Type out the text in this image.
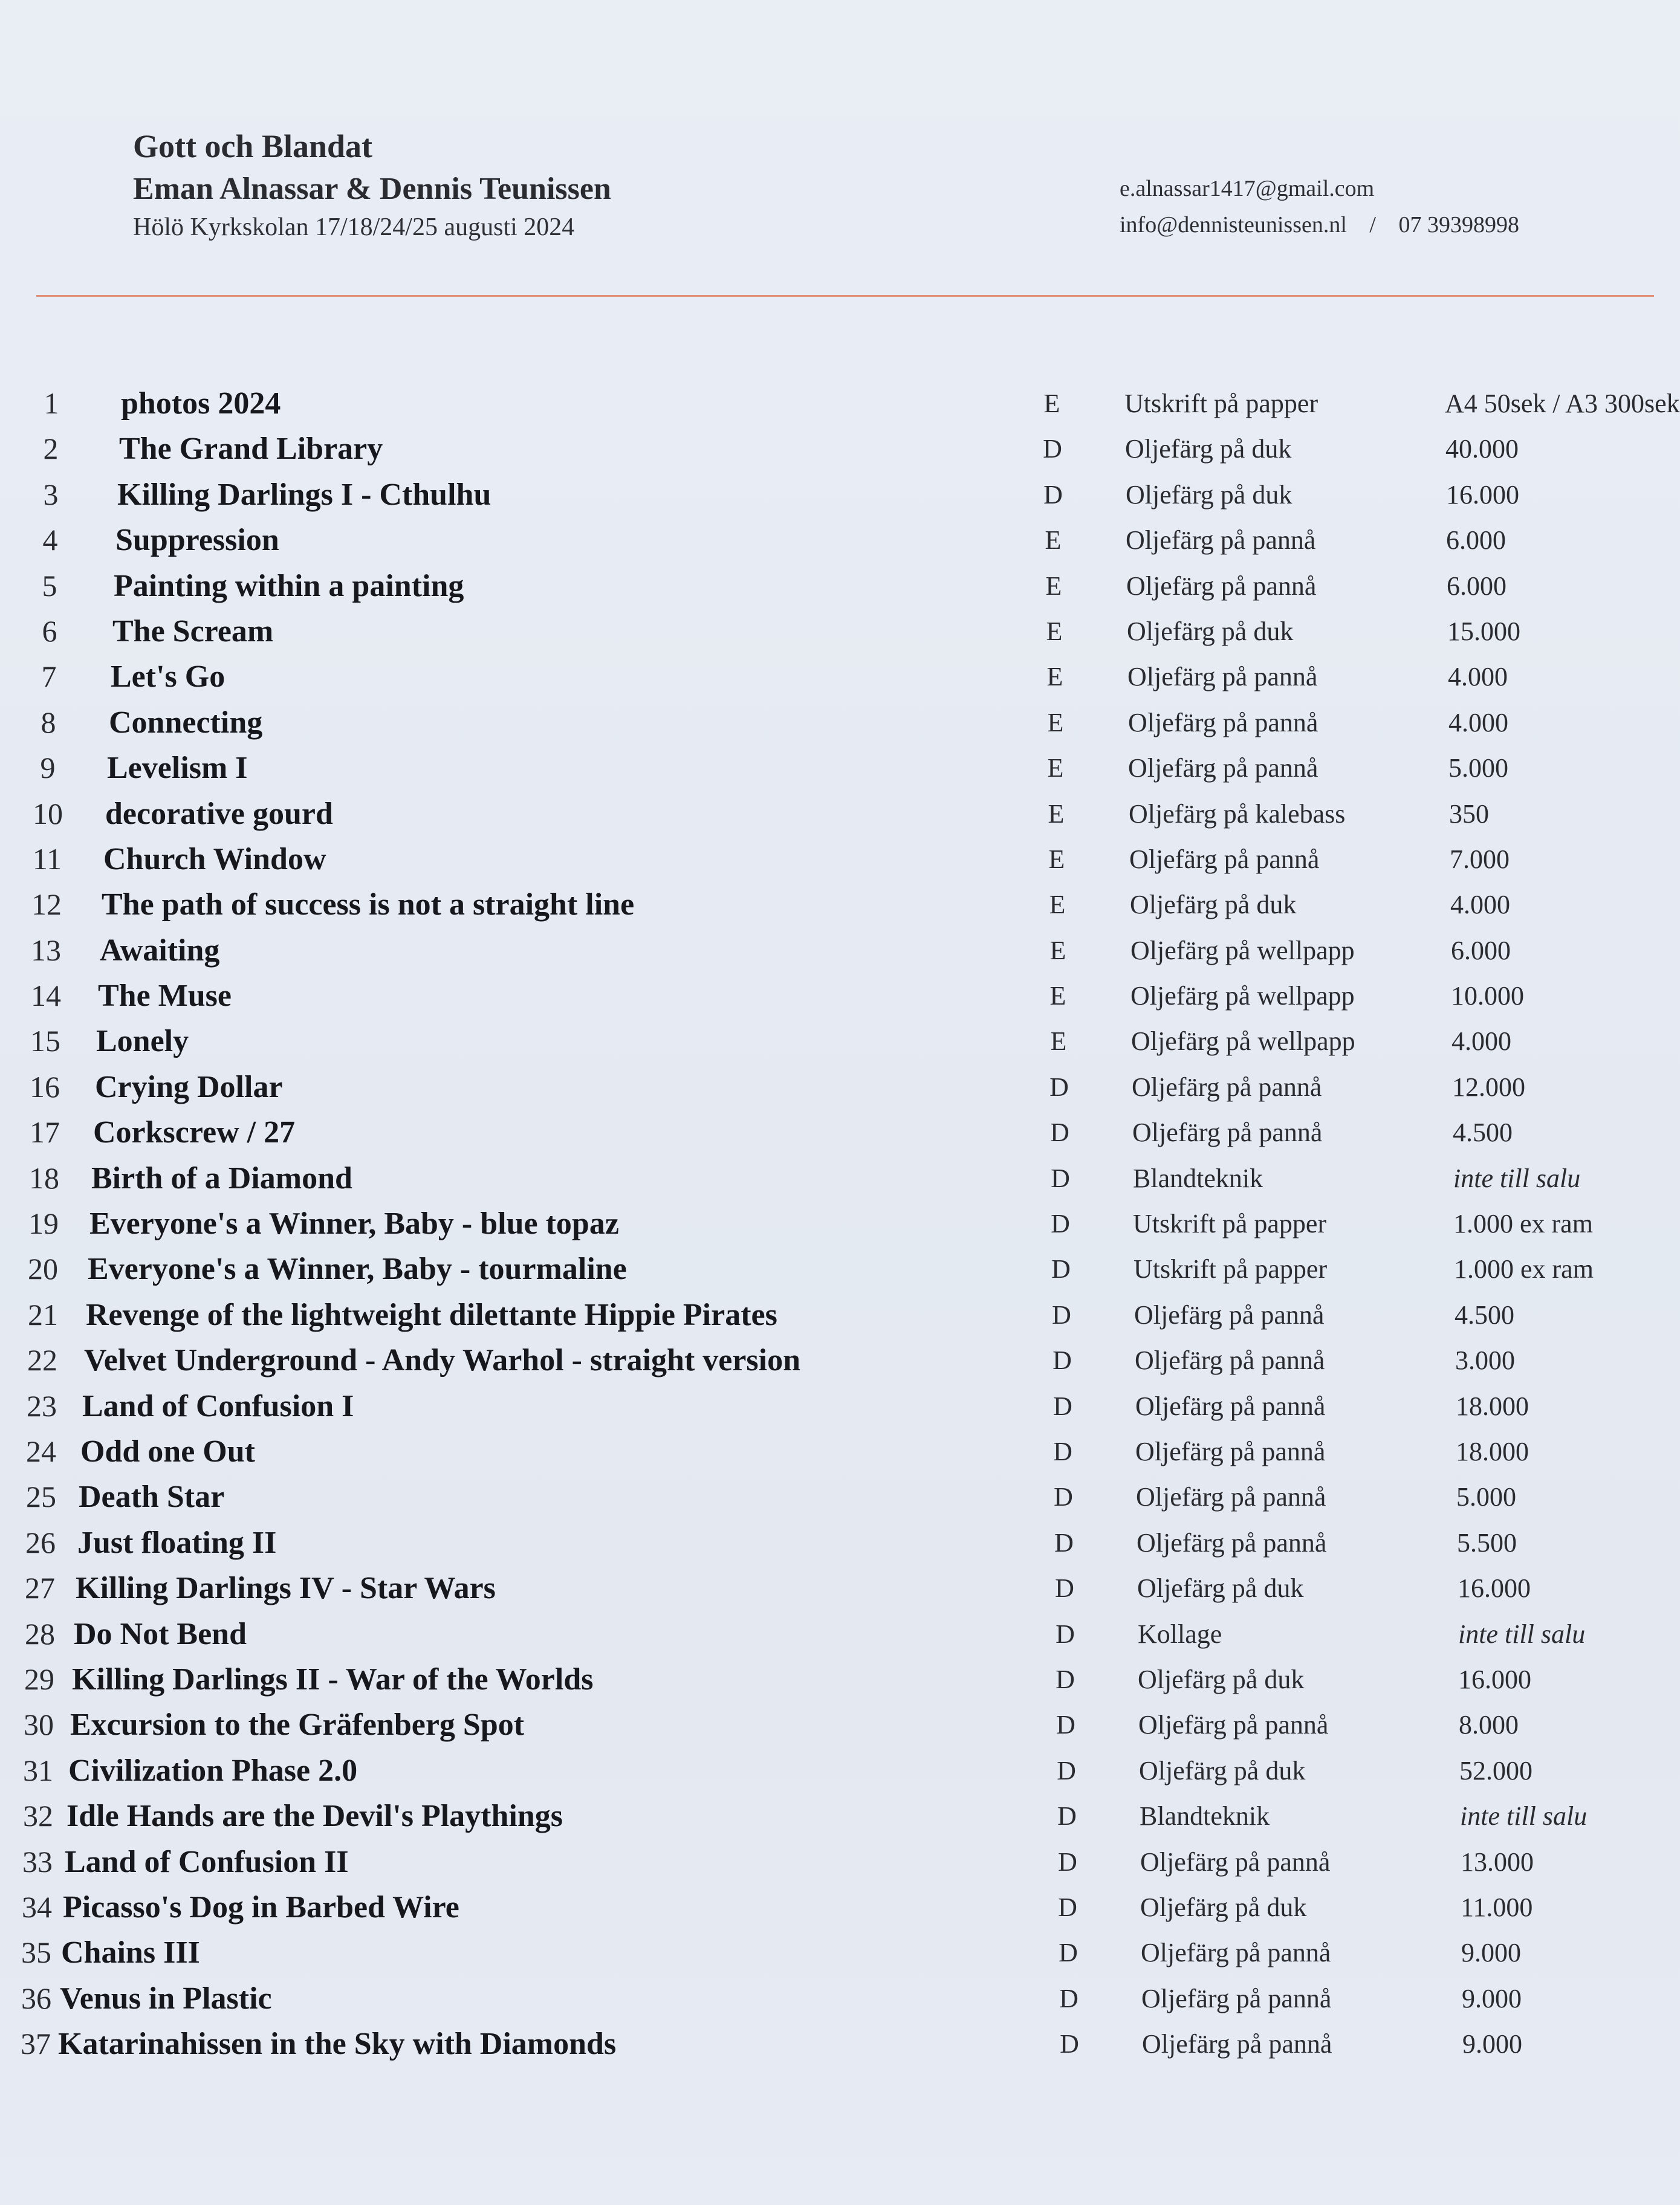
Gott och Blandat
Eman Alnassar & Dennis Teunissen
Hölö Kyrkskolan 17/18/24/25 augusti 2024
e.alnassar1417@gmail.com
info@dennisteunissen.nl / 07 39398998
1	photos 2024	E	Utskrift på papper	A4 50sek / A3 300sek
2	The Grand Library	D	Oljefärg på duk	40.000
3	Killing Darlings I - Cthulhu	D	Oljefärg på duk	16.000
4	Suppression	E	Oljefärg på pannå	6.000
5	Painting within a painting	E	Oljefärg på pannå	6.000
6	The Scream	E	Oljefärg på duk	15.000
7	Let's Go	E	Oljefärg på pannå	4.000
8	Connecting	E	Oljefärg på pannå	4.000
9	Levelism I	E	Oljefärg på pannå	5.000
10	decorative gourd	E	Oljefärg på kalebass	350
11	Church Window	E	Oljefärg på pannå	7.000
12	The path of success is not a straight line	E	Oljefärg på duk	4.000
13	Awaiting	E	Oljefärg på wellpapp	6.000
14	The Muse	E	Oljefärg på wellpapp	10.000
15	Lonely	E	Oljefärg på wellpapp	4.000
16	Crying Dollar	D	Oljefärg på pannå	12.000
17	Corkscrew / 27	D	Oljefärg på pannå	4.500
18	Birth of a Diamond	D	Blandteknik	inte till salu
19 Everyone's a Winner, Baby - blue topaz	D	Utskrift på papper	1.000 ex ram
20 Everyone's a Winner, Baby - tourmaline	D	Utskrift på papper	1.000 ex ram
21 Revenge of the lightweight dilettante Hippie Pirates	D	Oljefärg på pannå	4.500
22 Velvet Underground - Andy Warhol - straight version	D	Oljefärg på pannå	3.000
23 Land of Confusion I	D	Oljefärg på pannå	18.000
24 Odd one Out	D	Oljefärg på pannå	18.000
25 Death Star	D	Oljefärg på pannå	5.000
26 Just floating II	D	Oljefärg på pannå	5.500
27 Killing Darlings IV - Star Wars	D	Oljefärg på duk	16.000
28 Do Not Bend	D	Kollage	inte till salu
29 Killing Darlings II - War of the Worlds	D	Oljefärg på duk	16.000
30 Excursion to the Gräfenberg Spot	D	Oljefärg på pannå	8.000
31 Civilization Phase 2.0	D	Oljefärg på duk	52.000
32 Idle Hands are the Devil's Playthings	D	Blandteknik	inte till salu
33 Land of Confusion II	D	Oljefärg på pannå	13.000
34 Picasso's Dog in Barbed Wire	D	Oljefärg på duk	11.000
35 Chains III	D	Oljefärg på pannå	9.000
36 Venus in Plastic	D	Oljefärg på pannå	9.000
37 Katarinahissen in the Sky with Diamonds	D	Oljefärg på pannå	9.000
